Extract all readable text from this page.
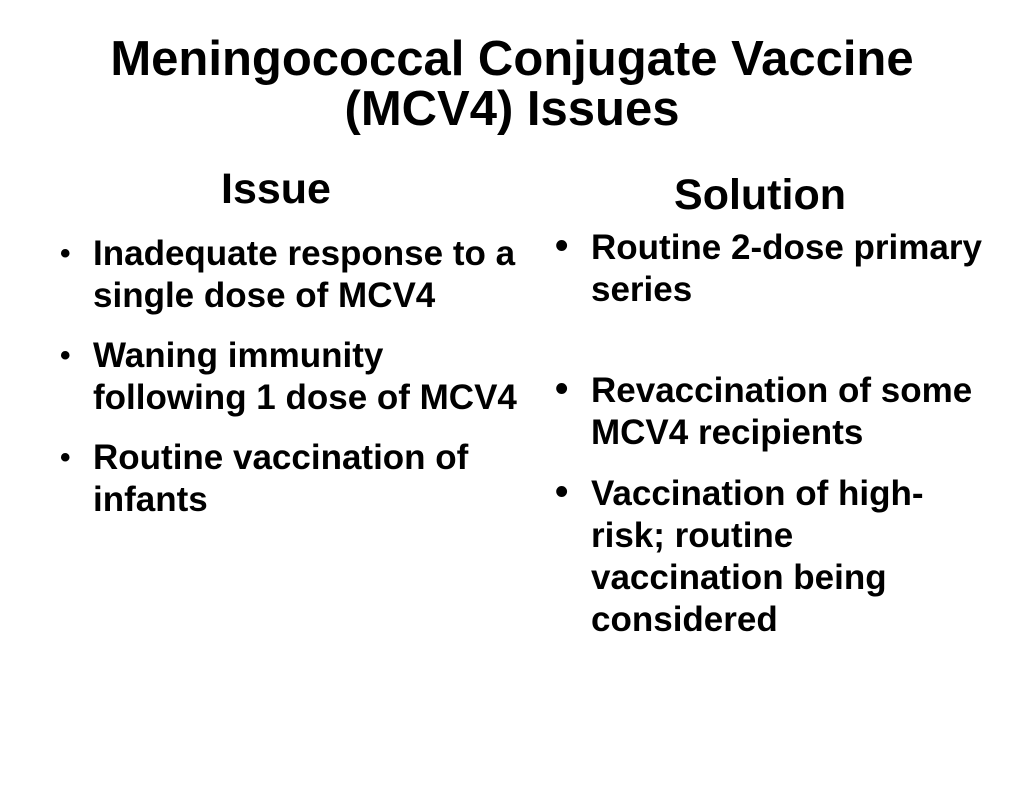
Meningococcal Conjugate Vaccine
(MCV4) Issues
Issue	Solution
• Inadequate response to a single dose of MCV4
• Waning immunity following 1 dose of MCV4
• Routine vaccination of infants
• Routine 2-dose primary series
• Revaccination of some MCV4 recipients
• Vaccination of high-risk; routine vaccination being considered
